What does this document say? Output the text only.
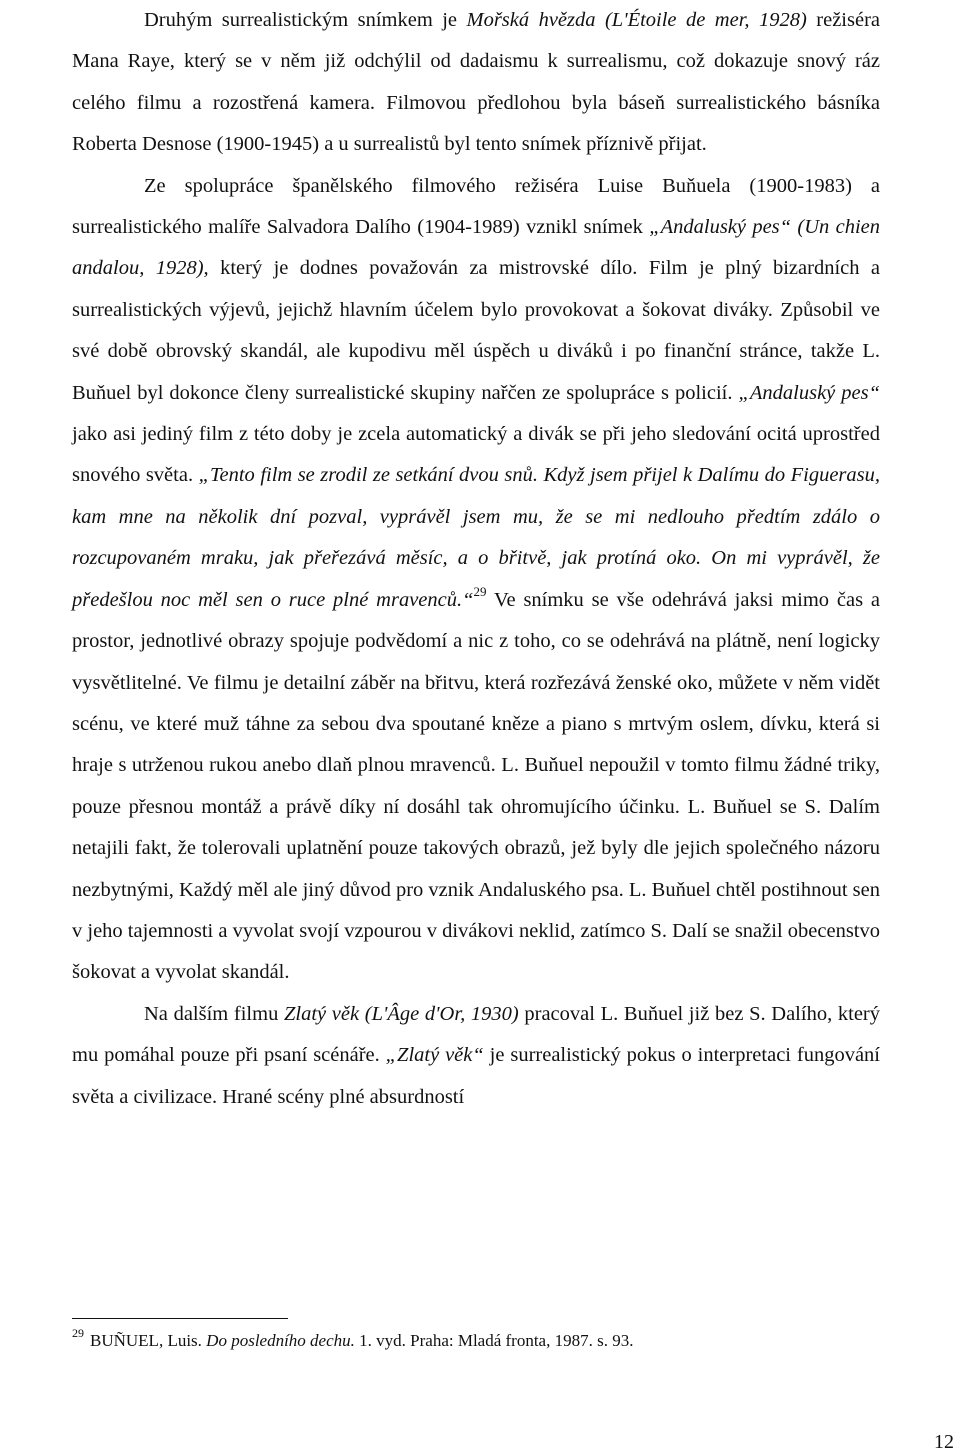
Druhým surrealistickým snímkem je Mořská hvězda (L'Étoile de mer, 1928) režiséra Mana Raye, který se v něm již odchýlil od dadaismu k surrealismu, což dokazuje snový ráz celého filmu a rozostřená kamera. Filmovou předlohou byla báseň surrealistického básníka Roberta Desnose (1900-1945) a u surrealistů byl tento snímek příznivě přijat.

Ze spolupráce španělského filmového režiséra Luise Buňuela (1900-1983) a surrealistického malíře Salvadora Dalího (1904-1989) vznikl snímek „Andaluský pes“ (Un chien andalou, 1928), který je dodnes považován za mistrovské dílo. Film je plný bizardních a surrealistických výjevů, jejichž hlavním účelem bylo provokovat a šokovat diváky. Způsobil ve své době obrovský skandál, ale kupodivu měl úspěch u diváků i po finanční stránce, takže L. Buňuel byl dokonce členy surrealistické skupiny nařčen ze spolupráce s policií. „Andaluský pes“ jako asi jediný film z této doby je zcela automatický a divák se při jeho sledování ocitá uprostřed snového světa. „Tento film se zrodil ze setkání dvou snů. Když jsem přijel k Dalímu do Figuerasu, kam mne na několik dní pozval, vyprávěl jsem mu, že se mi nedlouho předtím zdálo o rozcupovaném mraku, jak přeřezává měsíc, a o břitvě, jak protíná oko. On mi vyprávěl, že předešlou noc měl sen o ruce plné mravenců.“$^{29}$ Ve snímku se vše odehrává jaksi mimo čas a prostor, jednotlivé obrazy spojuje podvědomí a nic z toho, co se odehrává na plátně, není logicky vysvětlitelné. Ve filmu je detailní záběr na břitvu, která rozřezává ženské oko, můžete v něm vidět scénu, ve které muž táhne za sebou dva spoutané kněze a piano s mrtvým oslem, dívku, která si hraje s utrženou rukou anebo dlaň plnou mravenců. L. Buňuel nepoužil v tomto filmu žádné triky, pouze přesnou montáž a právě díky ní dosáhl tak ohromujícího účinku. L. Buňuel se S. Dalím netajili fakt, že tolerovali uplatnění pouze takových obrazů, jež byly dle jejich společného názoru nezbytnými, Každý měl ale jiný důvod pro vznik Andaluského psa. L. Buňuel chtěl postihnout sen v jeho tajemnosti a vyvolat svojí vzpourou v divákovi neklid, zatímco S. Dalí se snažil obecenstvo šokovat a vyvolat skandál.

Na dalším filmu Zlatý věk (L'Âge d'Or, 1930) pracoval L. Buňuel již bez S. Dalího, který mu pomáhal pouze při psaní scénáře. „Zlatý věk“ je surrealistický pokus o interpretaci fungování světa a civilizace. Hrané scény plné absurdností

$^{29}$ BUÑUEL, Luis. Do posledního dechu. 1. vyd. Praha: Mladá fronta, 1987. s. 93.
12
